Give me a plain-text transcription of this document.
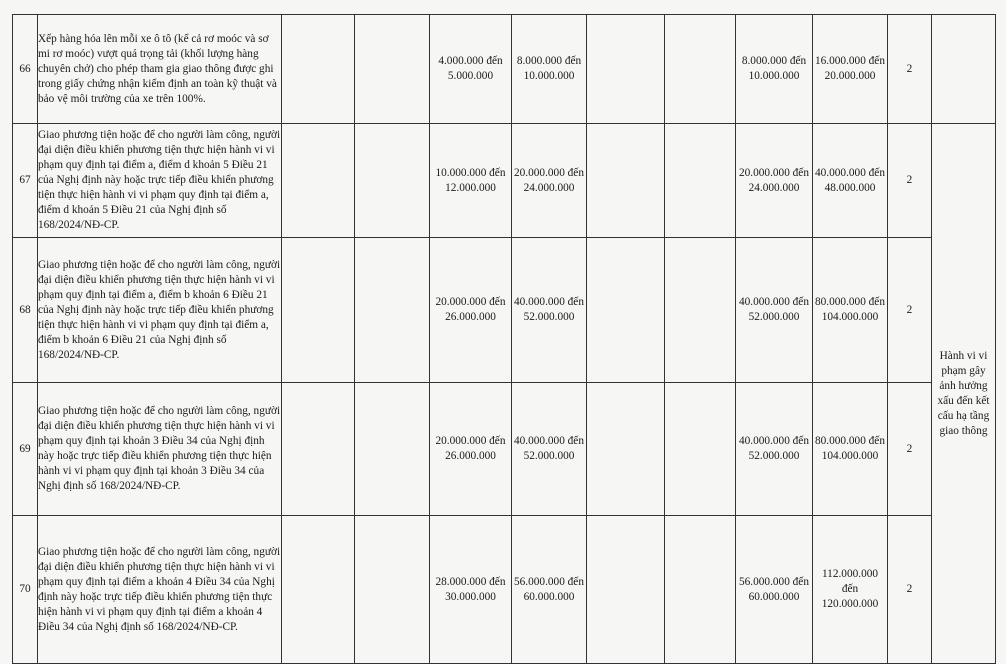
66	Xếp hàng hóa lên mỗi xe ô tô (kể cả rơ moóc và sơ mi rơ moóc) vượt quá trọng tải (khối lượng hàng chuyên chở) cho phép tham gia giao thông được ghi trong giấy chứng nhận kiểm định an toàn kỹ thuật và bảo vệ môi trường của xe trên 100%.			4.000.000 đến 5.000.000	8.000.000 đến 10.000.000			8.000.000 đến 10.000.000	16.000.000 đến 20.000.000	2	
67	Giao phương tiện hoặc để cho người làm công, người đại diện điều khiển phương tiện thực hiện hành vi vi phạm quy định tại điểm a, điểm d khoản 5 Điều 21 của Nghị định này hoặc trực tiếp điều khiển phương tiện thực hiện hành vi vi phạm quy định tại điểm a, điểm d khoản 5 Điều 21 của Nghị định số 168/2024/NĐ-CP.			10.000.000 đến 12.000.000	20.000.000 đến 24.000.000			20.000.000 đến 24.000.000	40.000.000 đến 48.000.000	2	Hành vi vi phạm gây ảnh hưởng xấu đến kết cấu hạ tầng giao thông
68	Giao phương tiện hoặc để cho người làm công, người đại diện điều khiển phương tiện thực hiện hành vi vi phạm quy định tại điểm a, điểm b khoản 6 Điều 21 của Nghị định này hoặc trực tiếp điều khiển phương tiện thực hiện hành vi vi phạm quy định tại điểm a, điểm b khoản 6 Điều 21 của Nghị định số 168/2024/NĐ-CP.			20.000.000 đến 26.000.000	40.000.000 đến 52.000.000			40.000.000 đến 52.000.000	80.000.000 đến 104.000.000	2	
69	Giao phương tiện hoặc để cho người làm công, người đại diện điều khiển phương tiện thực hiện hành vi vi phạm quy định tại khoản 3 Điều 34 của Nghị định này hoặc trực tiếp điều khiển phương tiện thực hiện hành vi vi phạm quy định tại khoản 3 Điều 34 của Nghị định số 168/2024/NĐ-CP.			20.000.000 đến 26.000.000	40.000.000 đến 52.000.000			40.000.000 đến 52.000.000	80.000.000 đến 104.000.000	2	
70	Giao phương tiện hoặc để cho người làm công, người đại diện điều khiển phương tiện thực hiện hành vi vi phạm quy định tại điểm a khoản 4 Điều 34 của Nghị định này hoặc trực tiếp điều khiển phương tiện thực hiện hành vi vi phạm quy định tại điểm a khoản 4 Điều 34 của Nghị định số 168/2024/NĐ-CP.			28.000.000 đến 30.000.000	56.000.000 đến 60.000.000			56.000.000 đến 60.000.000	112.000.000 đến 120.000.000	2	
